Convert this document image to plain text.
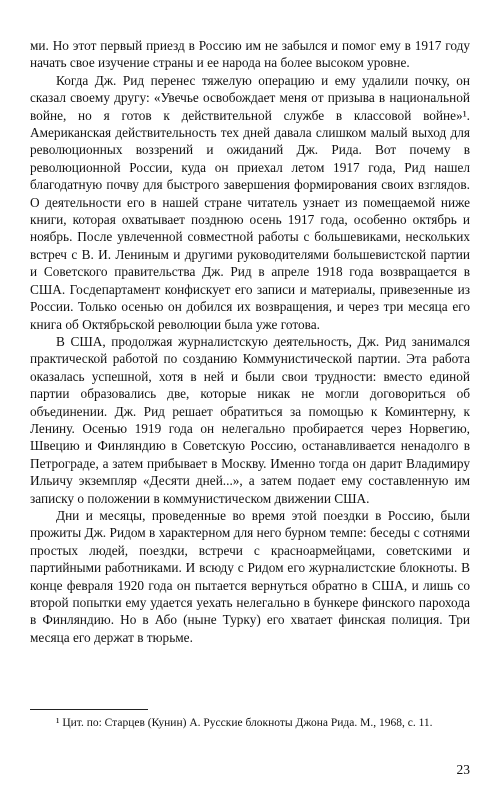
ми. Но этот первый приезд в Россию им не забылся и помог ему в 1917 году начать свое изучение страны и ее народа на более высоком уровне.

Когда Дж. Рид перенес тяжелую операцию и ему удалили почку, он сказал своему другу: «Увечье освобождает меня от призыва в национальной войне, но я готов к действительной службе в классовой войне»¹. Американская действительность тех дней давала слишком малый выход для революционных воззрений и ожиданий Дж. Рида. Вот почему в революционной России, куда он приехал летом 1917 года, Рид нашел благодатную почву для быстрого завершения формирования своих взглядов. О деятельности его в нашей стране читатель узнает из помещаемой ниже книги, которая охватывает позднюю осень 1917 года, особенно октябрь и ноябрь. После увлеченной совместной работы с большевиками, нескольких встреч с В. И. Лениным и другими руководителями большевистской партии и Советского правительства Дж. Рид в апреле 1918 года возвращается в США. Госдепартамент конфискует его записи и материалы, привезенные из России. Только осенью он добился их возвращения, и через три месяца его книга об Октябрьской революции была уже готова.

В США, продолжая журналистскую деятельность, Дж. Рид занимался практической работой по созданию Коммунистической партии. Эта работа оказалась успешной, хотя в ней и были свои трудности: вместо единой партии образовались две, которые никак не могли договориться об объединении. Дж. Рид решает обратиться за помощью к Коминтерну, к Ленину. Осенью 1919 года он нелегально пробирается через Норвегию, Швецию и Финляндию в Советскую Россию, останавливается ненадолго в Петрограде, а затем прибывает в Москву. Именно тогда он дарит Владимиру Ильичу экземпляр «Десяти дней...», а затем подает ему составленную им записку о положении в коммунистическом движении США.

Дни и месяцы, проведенные во время этой поездки в Россию, были прожиты Дж. Ридом в характерном для него бурном темпе: беседы с сотнями простых людей, поездки, встречи с красноармейцами, советскими и партийными работниками. И всюду с Ридом его журналистские блокноты. В конце февраля 1920 года он пытается вернуться обратно в США, и лишь со второй попытки ему удается уехать нелегально в бункере финского парохода в Финляндию. Но в Або (ныне Турку) его хватает финская полиция. Три месяца его держат в тюрьме.

¹ Цит. по: Старцев (Кунин) А. Русские блокноты Джона Рида. М., 1968, с. 11.

23
